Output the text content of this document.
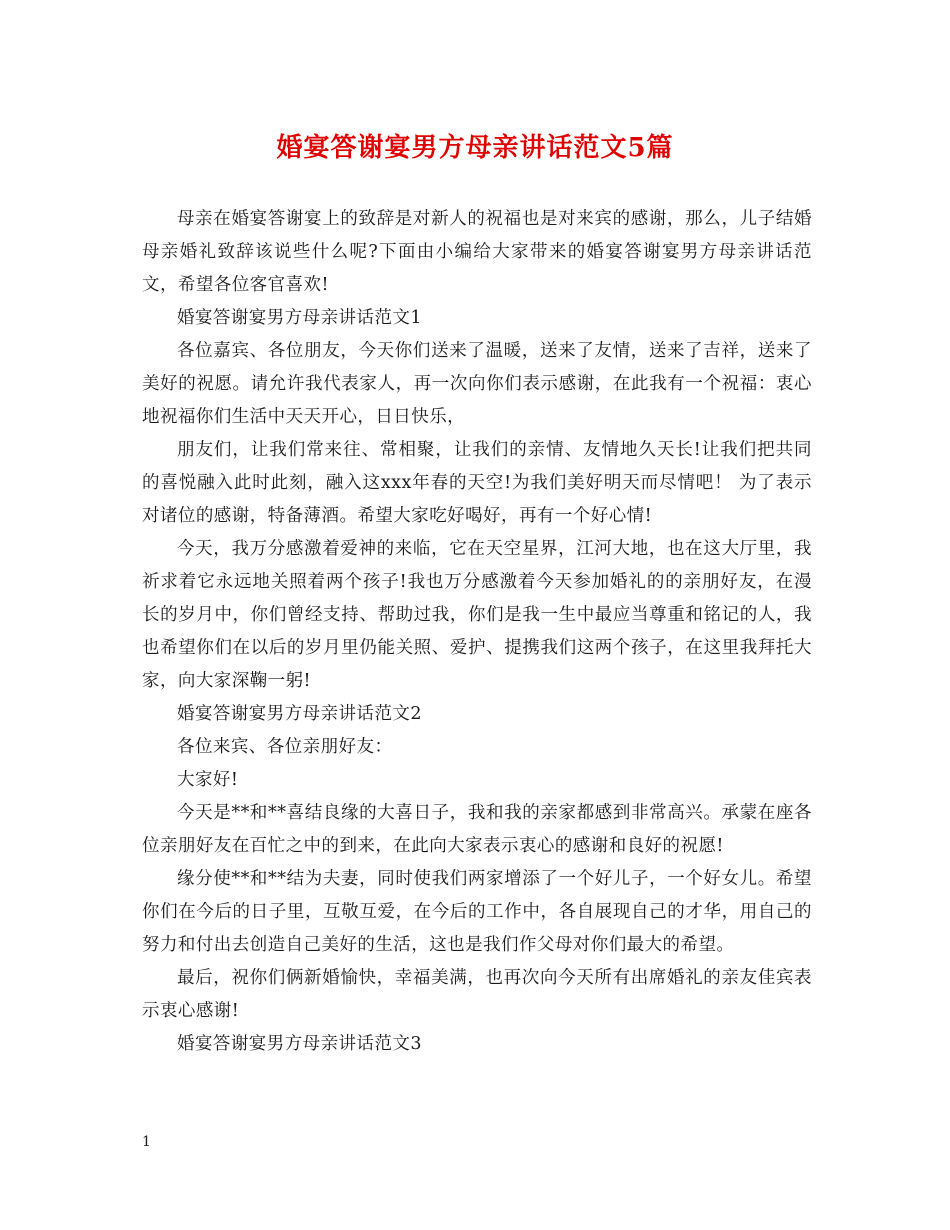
婚宴答谢宴男方母亲讲话范文5篇

母亲在婚宴答谢宴上的致辞是对新人的祝福也是对来宾的感谢，那么，儿子结婚母亲婚礼致辞该说些什么呢?下面由小编给大家带来的婚宴答谢宴男方母亲讲话范文，希望各位客官喜欢!

婚宴答谢宴男方母亲讲话范文1

各位嘉宾、各位朋友，今天你们送来了温暖，送来了友情，送来了吉祥，送来了美好的祝愿。请允许我代表家人，再一次向你们表示感谢，在此我有一个祝福：衷心地祝福你们生活中天天开心，日日快乐，

朋友们，让我们常来往、常相聚，让我们的亲情、友情地久天长!让我们把共同的喜悦融入此时此刻，融入这xxx年春的天空!为我们美好明天而尽情吧！ 为了表示对诸位的感谢，特备薄酒。希望大家吃好喝好，再有一个好心情!

今天，我万分感激着爱神的来临，它在天空星界，江河大地，也在这大厅里，我祈求着它永远地关照着两个孩子!我也万分感激着今天参加婚礼的的亲朋好友，在漫长的岁月中，你们曾经支持、帮助过我，你们是我一生中最应当尊重和铭记的人，我也希望你们在以后的岁月里仍能关照、爱护、提携我们这两个孩子，在这里我拜托大家，向大家深鞠一躬!

婚宴答谢宴男方母亲讲话范文2

各位来宾、各位亲朋好友：

大家好!

今天是**和**喜结良缘的大喜日子，我和我的亲家都感到非常高兴。承蒙在座各位亲朋好友在百忙之中的到来，在此向大家表示衷心的感谢和良好的祝愿!

缘分使**和**结为夫妻，同时使我们两家增添了一个好儿子，一个好女儿。希望你们在今后的日子里，互敬互爱，在今后的工作中，各自展现自己的才华，用自己的努力和付出去创造自己美好的生活，这也是我们作父母对你们最大的希望。

最后，祝你们俩新婚愉快，幸福美满，也再次向今天所有出席婚礼的亲友佳宾表示衷心感谢!

婚宴答谢宴男方母亲讲话范文3

1
